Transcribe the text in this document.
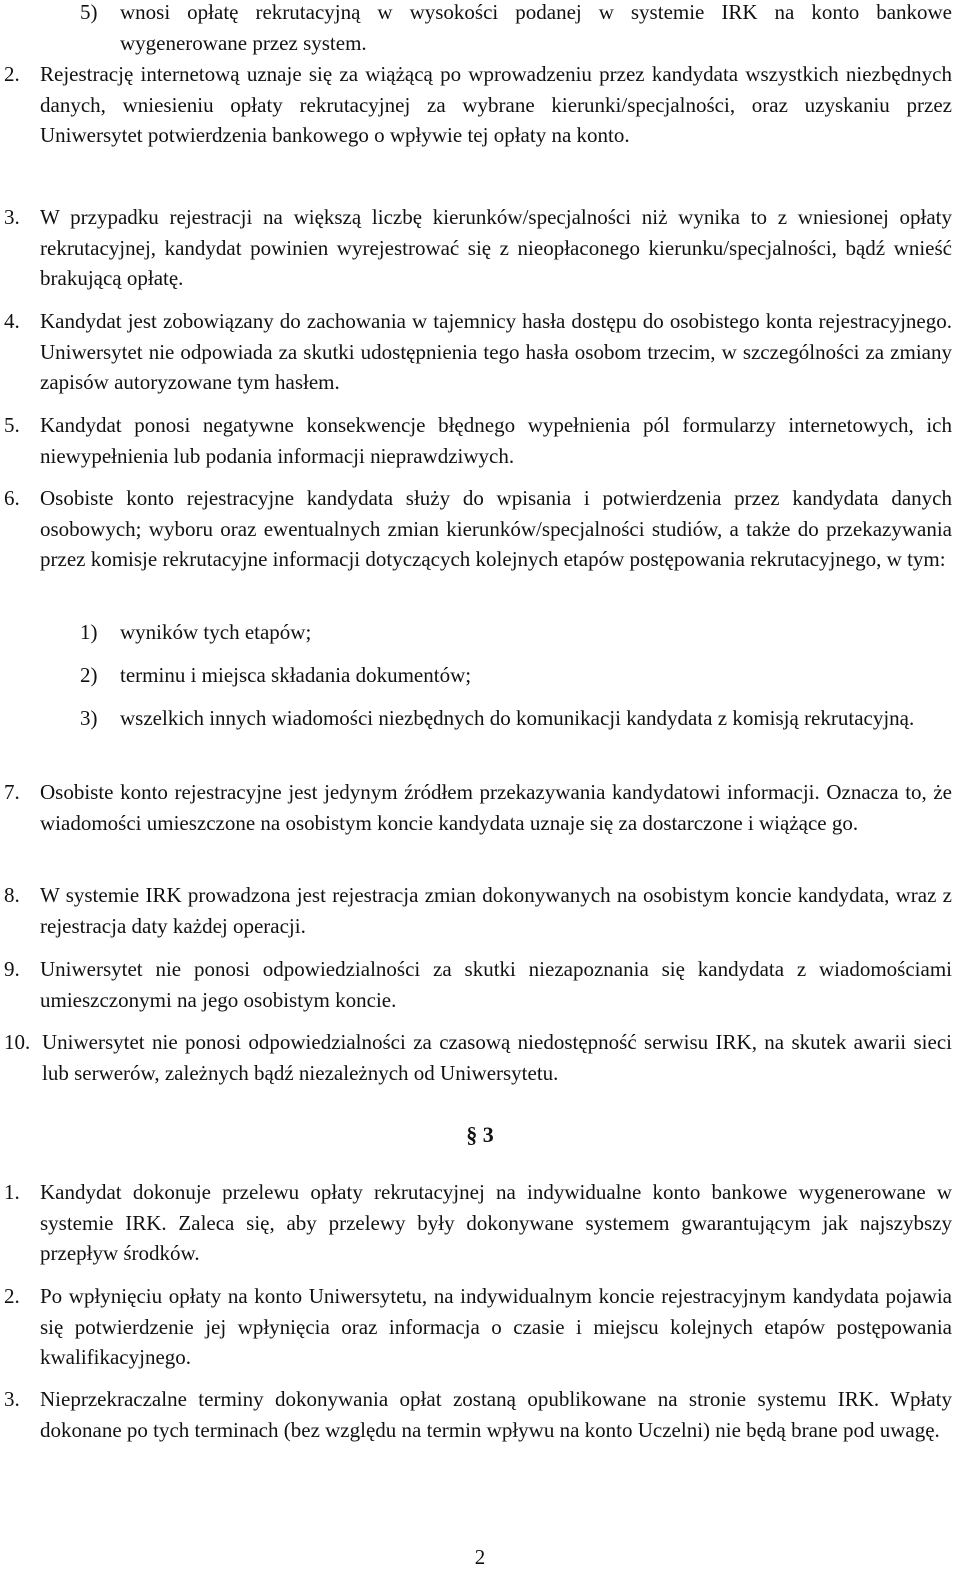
5) wnosi opłatę rekrutacyjną w wysokości podanej w systemie IRK na konto bankowe wygenerowane przez system.
2. Rejestrację internetową uznaje się za wiążącą po wprowadzeniu przez kandydata wszystkich niezbędnych danych, wniesieniu opłaty rekrutacyjnej za wybrane kierunki/specjalności, oraz uzyskaniu przez Uniwersytet potwierdzenia bankowego o wpływie tej opłaty na konto.
3. W przypadku rejestracji na większą liczbę kierunków/specjalności niż wynika to z wniesionej opłaty rekrutacyjnej, kandydat powinien wyrejestrować się z nieopłaconego kierunku/specjalności, bądź wnieść brakującą opłatę.
4. Kandydat jest zobowiązany do zachowania w tajemnicy hasła dostępu do osobistego konta rejestracyjnego. Uniwersytet nie odpowiada za skutki udostępnienia tego hasła osobom trzecim, w szczególności za zmiany zapisów autoryzowane tym hasłem.
5. Kandydat ponosi negatywne konsekwencje błędnego wypełnienia pól formularzy internetowych, ich niewypełnienia lub podania informacji nieprawdziwych.
6. Osobiste konto rejestracyjne kandydata służy do wpisania i potwierdzenia przez kandydata danych osobowych; wyboru oraz ewentualnych zmian kierunków/specjalności studiów, a także do przekazywania przez komisje rekrutacyjne informacji dotyczących kolejnych etapów postępowania rekrutacyjnego, w tym:
1) wyników tych etapów;
2) terminu i miejsca składania dokumentów;
3) wszelkich innych wiadomości niezbędnych do komunikacji kandydata z komisją rekrutacyjną.
7. Osobiste konto rejestracyjne jest jedynym źródłem przekazywania kandydatowi informacji. Oznacza to, że wiadomości umieszczone na osobistym koncie kandydata uznaje się za dostarczone i wiążące go.
8. W systemie IRK prowadzona jest rejestracja zmian dokonywanych na osobistym koncie kandydata, wraz z rejestracja daty każdej operacji.
9. Uniwersytet nie ponosi odpowiedzialności za skutki niezapoznania się kandydata z wiadomościami umieszczonymi na jego osobistym koncie.
10. Uniwersytet nie ponosi odpowiedzialności za czasową niedostępność serwisu IRK, na skutek awarii sieci lub serwerów, zależnych bądź niezależnych od Uniwersytetu.
§ 3
1. Kandydat dokonuje przelewu opłaty rekrutacyjnej na indywidualne konto bankowe wygenerowane w systemie IRK. Zaleca się, aby przelewy były dokonywane systemem gwarantującym jak najszybszy przepływ środków.
2. Po wpłynięciu opłaty na konto Uniwersytetu, na indywidualnym koncie rejestracyjnym kandydata pojawia się potwierdzenie jej wpłynięcia oraz informacja o czasie i miejscu kolejnych etapów postępowania kwalifikacyjnego.
3. Nieprzekraczalne terminy dokonywania opłat zostaną opublikowane na stronie systemu IRK. Wpłaty dokonane po tych terminach (bez względu na termin wpływu na konto Uczelni) nie będą brane pod uwagę.
2
